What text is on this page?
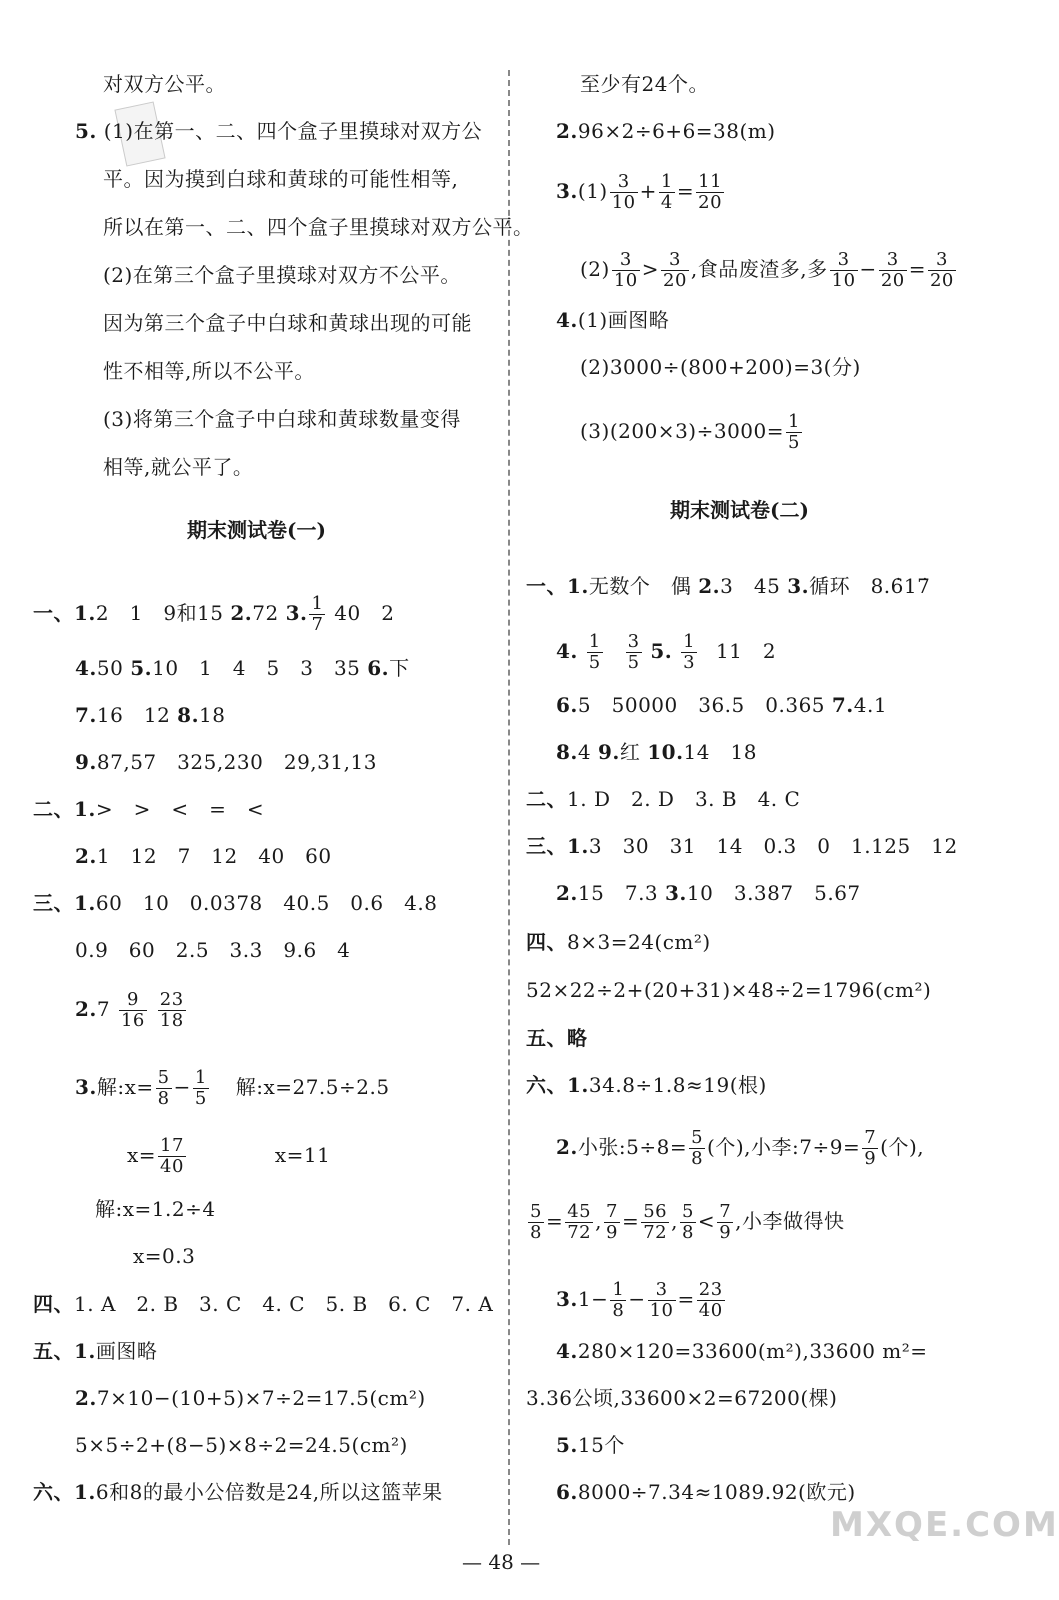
对双方公平。
5. (1)在第一、二、四个盒子里摸球对双方公
平。因为摸到白球和黄球的可能性相等,
所以在第一、二、四个盒子里摸球对双方公平。
(2)在第三个盒子里摸球对双方不公平。
因为第三个盒子中白球和黄球出现的可能
性不相等,所以不公平。
(3)将第三个盒子中白球和黄球数量变得
相等,就公平了。
期末测试卷(一)
一、1.2　1　9和15 2.72 3. $\frac{1}{7} 40$　2
4.50 5.10　1　4　5　3　35 6.下
7.16　12 8.18
9.87,57　325,230　29,31,13
二、1.>　>　<　=　<
2.1　12　7　12　40　60
三、1.60　10　0.0378　40.5　0.6　4.8
0.9　60　2.5　3.3　9.6　4
$2.7 \frac{9}{16}$
$\frac{23}{18}$
3.解:x= $\frac{5}{8} - \frac{1}{5}$ 解:x=27.5÷2.5
$x= \frac{17}{40}$	x=11
解:x=1.2÷4
x=0.3
四、1. A　2. B　3. C　4. C　5. B　6. C　7. A
五、1.画图略
2.7×10−(10+5)×7÷2=17.5(cm²)
5×5÷2+(8−5)×8÷2=24.5(cm²)
六、1.6和8的最小公倍数是24,所以这篮苹果
至少有24个。
2.96×2÷6+6=38(m)
$3.(1) \frac{3}{10} + \frac{1}{4} = \frac{11}{20}$
$(2) \frac{3}{10} > \frac{3}{20}$ ,食品废渣多,多 $\frac{3}{10} - \frac{3}{20} = \frac{3}{20}$
4.(1)画图略
(2)3000÷(800+200)=3(分)
$(3)(200\times 3)\div 3000= \frac{1}{5}$
期末测试卷(二)
一、1.无数个　偶 2.3　45 3.循环　8.6̇17̇
4. $\frac{1}{5}$
$\frac{3}{5} 5$. $\frac{1}{3} 11$　2
6.5　50000　36.5　0.365 7.4.1
8.4 9.红 10.14　18
二、1. D　2. D　3. B　4. C
三、1.3　30　31　14　0.3　0　1.125　12
2.15　7.3 3.10　3.387　5.67
四、8×3=24(cm²)
52×22÷2+(20+31)×48÷2=1796(cm²)
五、略
六、1.34.8÷1.8≈19(根)
2.小张:5÷8= $\frac{5}{8}$ (个),小李:7÷9= $\frac{7}{9}$ (个),
$\frac{5}{8} = \frac{45}{72}$ , $\frac{7}{9} = \frac{56}{72}$ , $\frac{5}{8} < \frac{7}{9}$ ,小李做得快
$3.1- \frac{1}{8} - \frac{3}{10} = \frac{23}{40}$
4.280×120=33600(m²),33600 m²=
3.36公顷,33600×2=67200(棵)
5.15个
6.8000÷7.34≈1089.92(欧元)
— 48 —
MXQE.COM
